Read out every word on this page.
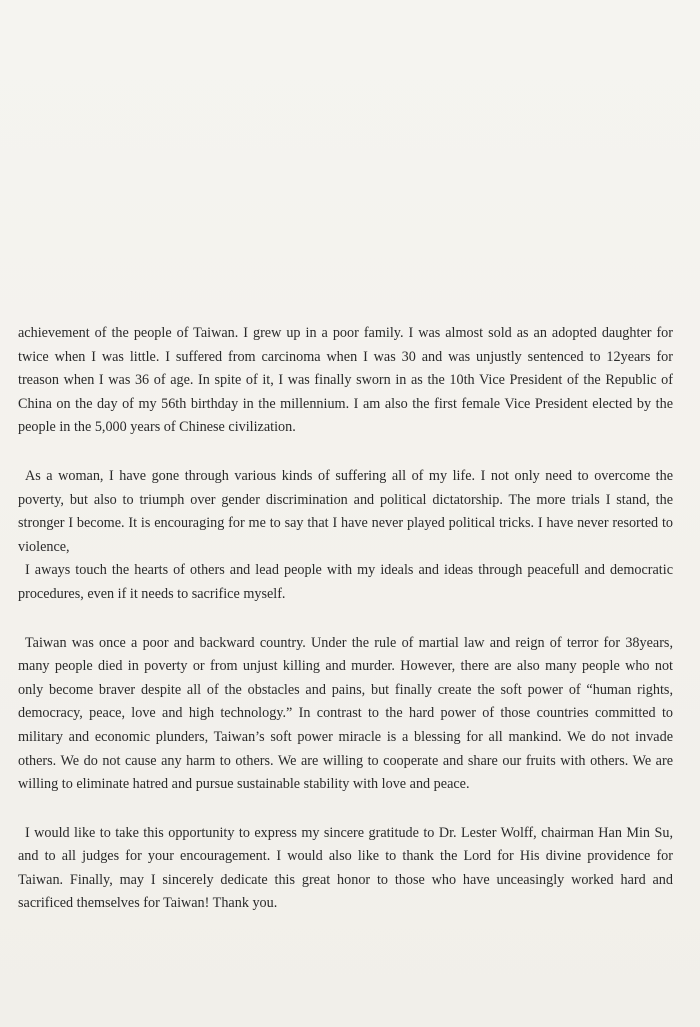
achievement of the people of Taiwan. I grew up in a poor family. I was almost sold as an adopted daughter for
twice when I was little. I suffered from carcinoma when I was 30 and was unjustly sentenced to 12years for
treason when I was 36 of age. In spite of it, I was finally sworn in as the 10th Vice President of the Republic of
China on the day of my 56th birthday in the millennium. I am also the first female Vice President elected by the
people in the 5,000 years of Chinese civilization.
As a woman, I have gone through various kinds of suffering all of my life. I not only need to overcome the
poverty, but also to triumph over gender discrimination and political dictatorship. The more trials I stand, the
stronger I become. It is encouraging for me to say that I have never played political tricks. I have never resorted to
violence,
I aways touch the hearts of others and lead people with my ideals and ideas through peacefull and democratic
procedures, even if it needs to sacrifice myself.
Taiwan was once a poor and backward country. Under the rule of martial law and reign of terror for 38years,
many people died in poverty or from unjust killing and murder. However, there are also many people who not
only become braver despite all of the obstacles and pains, but finally create the soft power of “human rights,
democracy, peace, love and high technology.” In contrast to the hard power of those countries committed to
military and economic plunders, Taiwan’s soft power miracle is a blessing for all mankind. We do not invade
others. We do not cause any harm to others. We are willing to cooperate and share our fruits with others. We are
willing to eliminate hatred and pursue sustainable stability with love and peace.
I would like to take this opportunity to express my sincere gratitude to Dr. Lester Wolff, chairman Han Min Su,
and to all judges for your encouragement. I would also like to thank the Lord for His divine providence for
Taiwan. Finally, may I sincerely dedicate this great honor to those who have unceasingly worked hard and
sacrificed themselves for Taiwan! Thank you.
